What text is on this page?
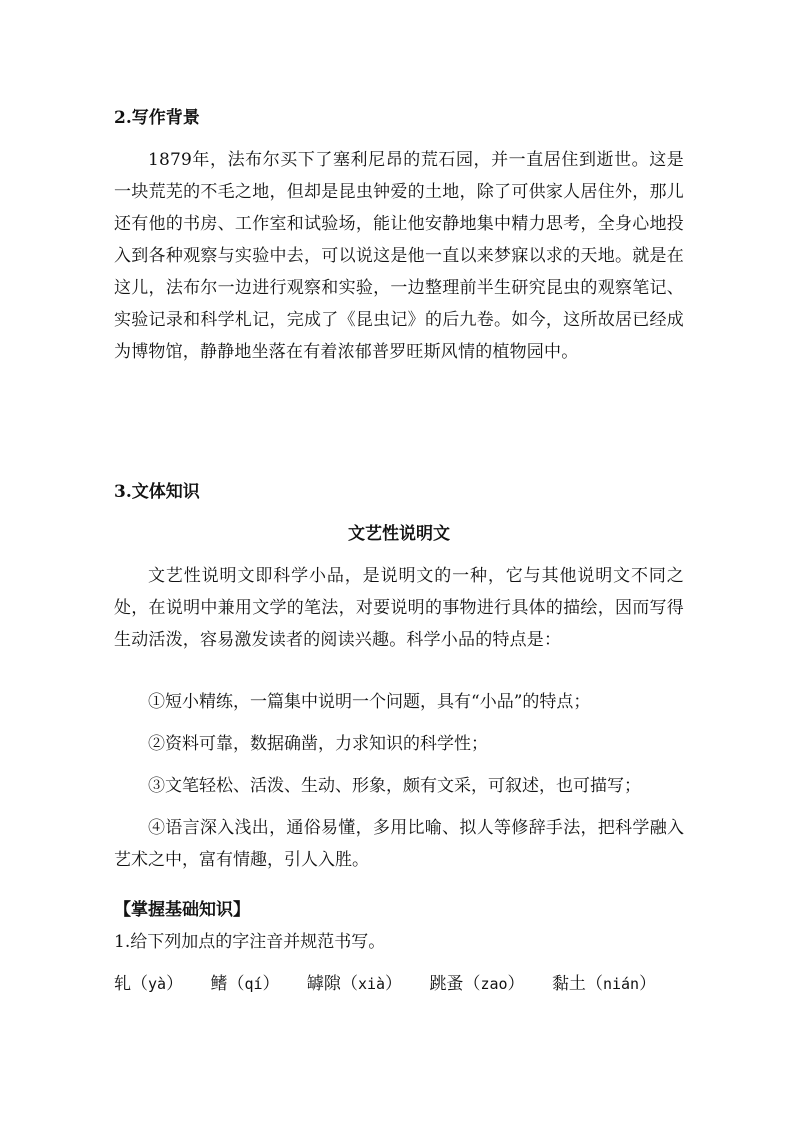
2.写作背景
1879年，法布尔买下了塞利尼昂的荒石园，并一直居住到逝世。这是一块荒芜的不毛之地，但却是昆虫钟爱的土地，除了可供家人居住外，那儿还有他的书房、工作室和试验场，能让他安静地集中精力思考，全身心地投入到各种观察与实验中去，可以说这是他一直以来梦寐以求的天地。就是在这儿，法布尔一边进行观察和实验，一边整理前半生研究昆虫的观察笔记、实验记录和科学札记，完成了《昆虫记》的后九卷。如今，这所故居已经成为博物馆，静静地坐落在有着浓郁普罗旺斯风情的植物园中。
3.文体知识
文艺性说明文
文艺性说明文即科学小品，是说明文的一种，它与其他说明文不同之处，在说明中兼用文学的笔法，对要说明的事物进行具体的描绘，因而写得生动活泼，容易激发读者的阅读兴趣。科学小品的特点是：
①短小精练，一篇集中说明一个问题，具有“小品”的特点；
②资料可靠，数据确凿，力求知识的科学性；
③文笔轻松、活泼、生动、形象，颇有文采，可叙述，也可描写；
④语言深入浅出，通俗易懂，多用比喻、拟人等修辞手法，把科学融入艺术之中，富有情趣，引人入胜。
【掌握基础知识】
1.给下列加点的字注音并规范书写。
轧（yà） 鳍（qí） 罅隙（xià） 跳蚤（zao） 黏土（nián）
